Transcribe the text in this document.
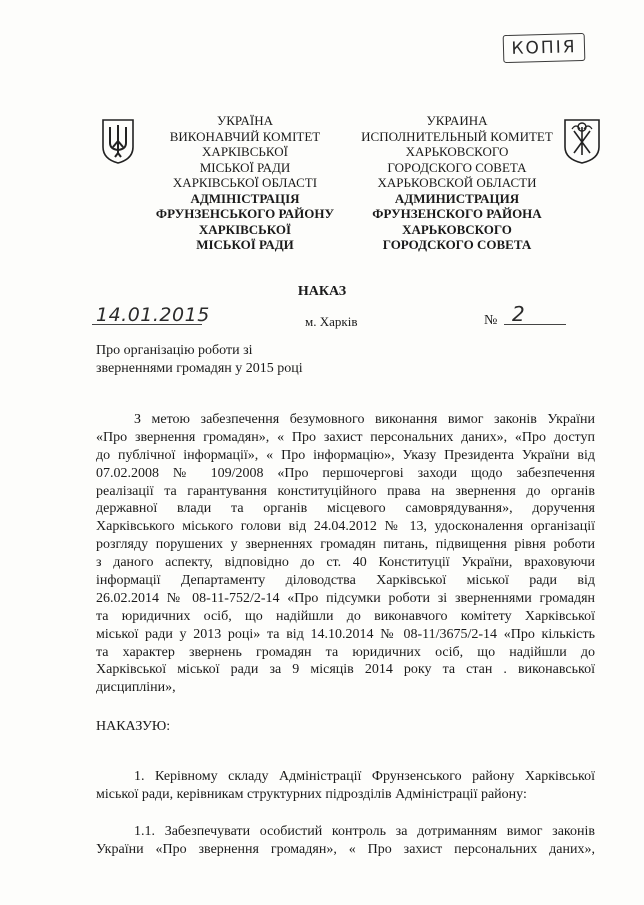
КОПІЯ
УКРАЇНА
ВИКОНАВЧИЙ КОМІТЕТ
ХАРКІВСЬКОЇ
МІСЬКОЇ РАДИ
ХАРКІВСЬКОЇ ОБЛАСТІ
АДМІНІСТРАЦІЯ
ФРУНЗЕНСЬКОГО РАЙОНУ
ХАРКІВСЬКОЇ
МІСЬКОЇ РАДИ
УКРАИНА
ИСПОЛНИТЕЛЬНЫЙ КОМИТЕТ
ХАРЬКОВСКОГО
ГОРОДСКОГО СОВЕТА
ХАРЬКОВСКОЙ ОБЛАСТИ
АДМИНИСТРАЦИЯ
ФРУНЗЕНСКОГО РАЙОНА
ХАРЬКОВСКОГО
ГОРОДСКОГО СОВЕТА
НАКАЗ
14.01.2015	м. Харків	№ 2
Про організацію роботи зі
зверненнями громадян у 2015 році
З метою забезпечення безумовного виконання вимог законів України
«Про звернення громадян», « Про захист персональних даних», «Про доступ
до публічної інформації», « Про інформацію», Указу Президента України від
07.02.2008 № 109/2008 «Про першочергові заходи щодо забезпечення
реалізації та гарантування конституційного права на звернення до органів
державної влади та органів місцевого самоврядування», доручення
Харківського міського голови від 24.04.2012 № 13, удосконалення організації
розгляду порушених у зверненнях громадян питань, підвищення рівня роботи
з даного аспекту, відповідно до ст. 40 Конституції України, враховуючи
інформації Департаменту діловодства Харківської міської ради від
26.02.2014 № 08-11-752/2-14 «Про підсумки роботи зі зверненнями громадян
та юридичних осіб, що надійшли до виконавчого комітету Харківської
міської ради у 2013 році» та від 14.10.2014 № 08-11/3675/2-14 «Про кількість
та характер звернень громадян та юридичних осіб, що надійшли до
Харківської міської ради за 9 місяців 2014 року та стан . виконавської
дисципліни»,
НАКАЗУЮ:
1. Керівному складу Адміністрації Фрунзенського району Харківської
міської ради, керівникам структурних підрозділів Адміністрації району:
1.1. Забезпечувати особистий контроль за дотриманням вимог законів
України «Про звернення громадян», « Про захист персональних даних»,
